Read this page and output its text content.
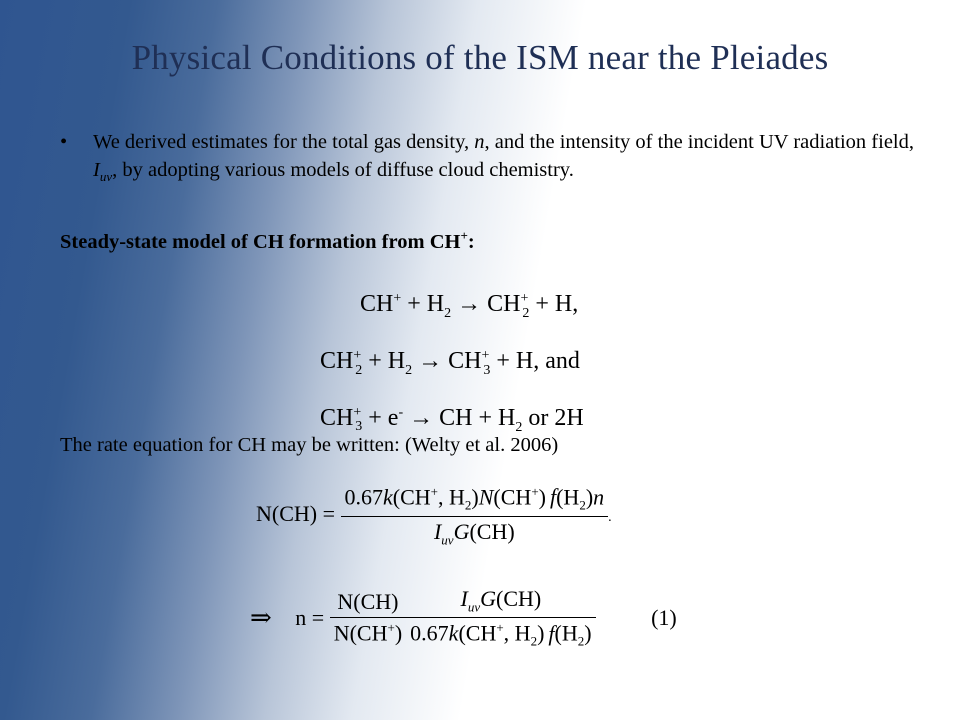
Physical Conditions of the ISM near the Pleiades
• We derived estimates for the total gas density, n, and the intensity of the incident UV radiation field, $I_{uv}$, by adopting various models of diffuse cloud chemistry.
Steady-state model of CH formation from CH+:
$CH^+ + H_2 \to CH^+_2 + H$,
$CH^+_2 + H_2 \to CH^+_3 + H$, and
$CH^+_3 + e^-$ → CH + $H_2$ or 2H
The rate equation for CH may be written: (Welty et al. 2006)
$N(CH) = \frac{0.67k(CH^+, H_2)N(CH^+) f(H_2)n}{I_{uv}G(CH)}$ .
⇒ $n = \frac{N(CH)}{N(CH^+)} \frac{I_{uv}G(CH)}{0.67k(CH^+, H_2) f(H_2)}$	(1)
